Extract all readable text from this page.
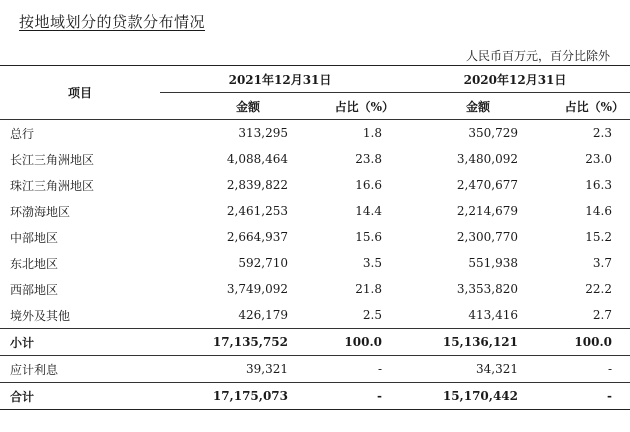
按地域划分的贷款分布情况
人民币百万元，百分比除外
项目	2021年12月31日		2020年12月31日	
	金额	占比（%）	金额	占比（%）
总行	313,295	1.8	350,729	2.3
长江三角洲地区	4,088,464	23.8	3,480,092	23.0
珠江三角洲地区	2,839,822	16.6	2,470,677	16.3
环渤海地区	2,461,253	14.4	2,214,679	14.6
中部地区	2,664,937	15.6	2,300,770	15.2
东北地区	592,710	3.5	551,938	3.7
西部地区	3,749,092	21.8	3,353,820	22.2
境外及其他	426,179	2.5	413,416	2.7
小计	17,135,752	100.0	15,136,121	100.0
应计利息	39,321	-	34,321	-
合计	17,175,073	-	15,170,442	-
